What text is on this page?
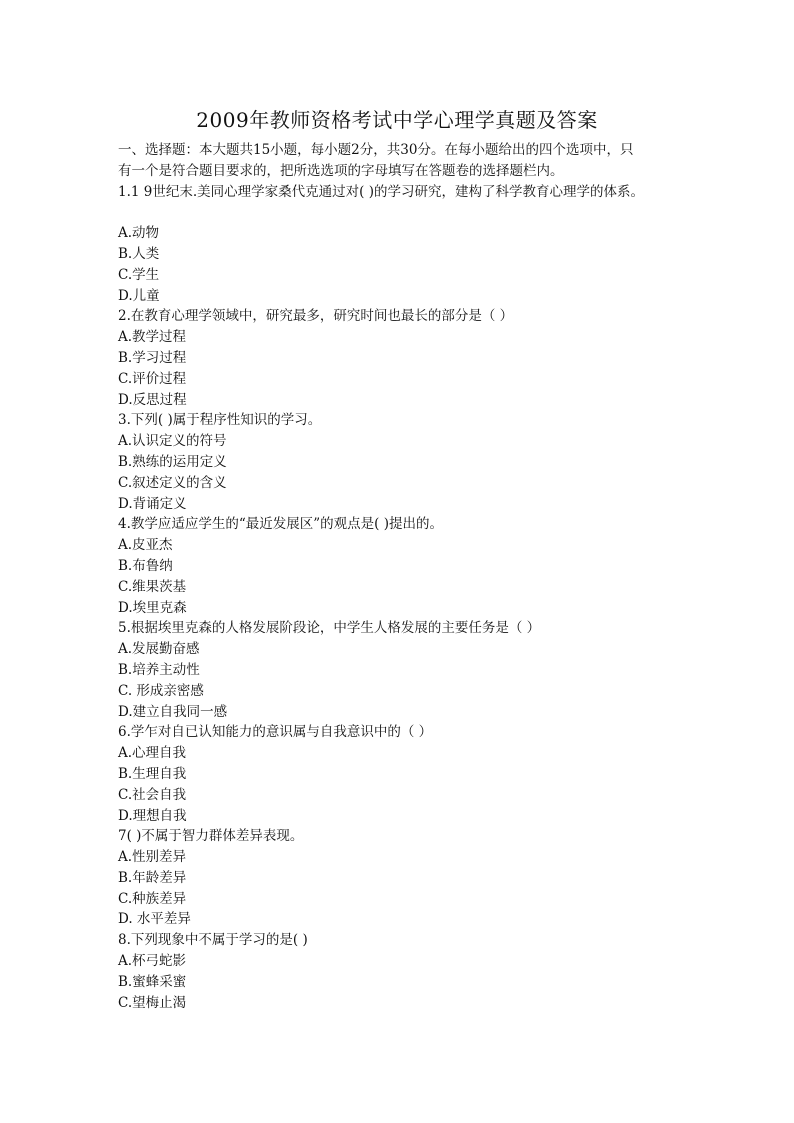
2009年教师资格考试中学心理学真题及答案
一、选择题：本大题共15小题，每小题2分，共30分。在每小题给出的四个选项中，只
有一个是符合题目要求的，把所选选项的字母填写在答题卷的选择题栏内。
1.1 9世纪末.美同心理学家桑代克通过对( )的学习研究，建构了科学教育心理学的体系。
A.动物
B.人类
C.学生
D.儿童
2.在教育心理学领域中，研究最多，研究时间也最长的部分是（ ）
A.教学过程
B.学习过程
C.评价过程
D.反思过程
3.下列( )属于程序性知识的学习。
A.认识定义的符号
B.熟练的运用定义
C.叙述定义的含义
D.背诵定义
4.教学应适应学生的“最近发展区”的观点是( )提出的。
A.皮亚杰
B.布鲁纳
C.维果茨基
D.埃里克森
5.根据埃里克森的人格发展阶段论，中学生人格发展的主要任务是（ ）
A.发展勤奋感
B.培养主动性
C. 形成亲密感
D.建立自我同一感
6.学乍对自已认知能力的意识属与自我意识中的（ ）
A.心理自我
B.生理自我
C.社会自我
D.理想自我
7( )不属于智力群体差异表现。
A.性别差异
B.年龄差异
C.种族差异
D. 水平差异
8.下列现象中不属于学习的是( )
A.杯弓蛇影
B.蜜蜂采蜜
C.望梅止渴
